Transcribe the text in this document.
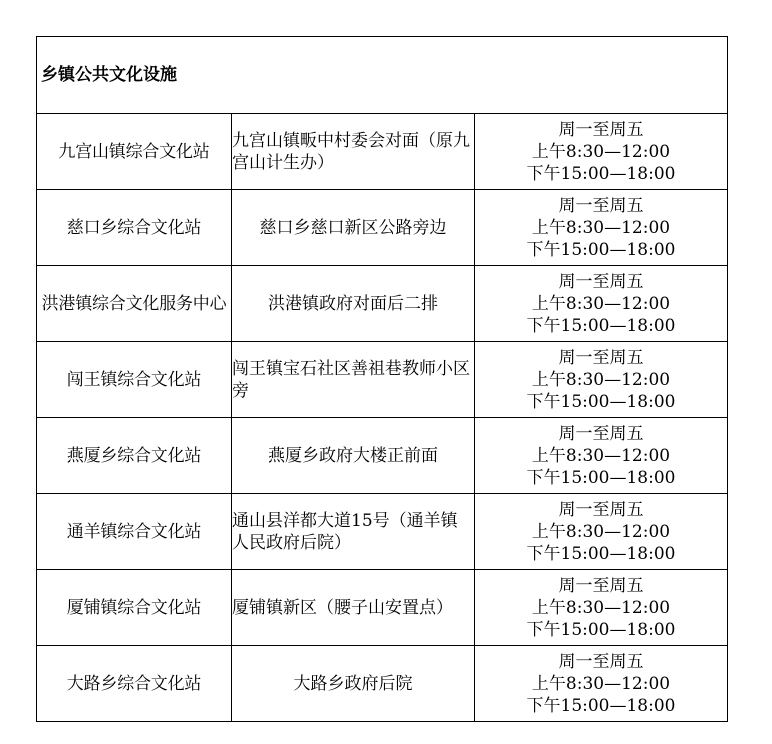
乡镇公共文化设施		
九宫山镇综合文化站	九宫山镇畈中村委会对面（原九宫山计生办）	周一至周五
上午8:30—12:00
下午15:00—18:00

慈口乡综合文化站	慈口乡慈口新区公路旁边	周一至周五
上午8:30—12:00
下午15:00—18:00

洪港镇综合文化服务中心	洪港镇政府对面后二排	周一至周五
上午8:30—12:00
下午15:00—18:00

闯王镇综合文化站	闯王镇宝石社区善祖巷教师小区旁	周一至周五
上午8:30—12:00
下午15:00—18:00

燕厦乡综合文化站	燕厦乡政府大楼正前面	周一至周五
上午8:30—12:00
下午15:00—18:00

通羊镇综合文化站	通山县洋都大道15号（通羊镇人民政府后院）	周一至周五
上午8:30—12:00
下午15:00—18:00

厦铺镇综合文化站	厦铺镇新区（腰子山安置点）	周一至周五
上午8:30—12:00
下午15:00—18:00

大路乡综合文化站	大路乡政府后院	周一至周五
上午8:30—12:00
下午15:00—18:00
